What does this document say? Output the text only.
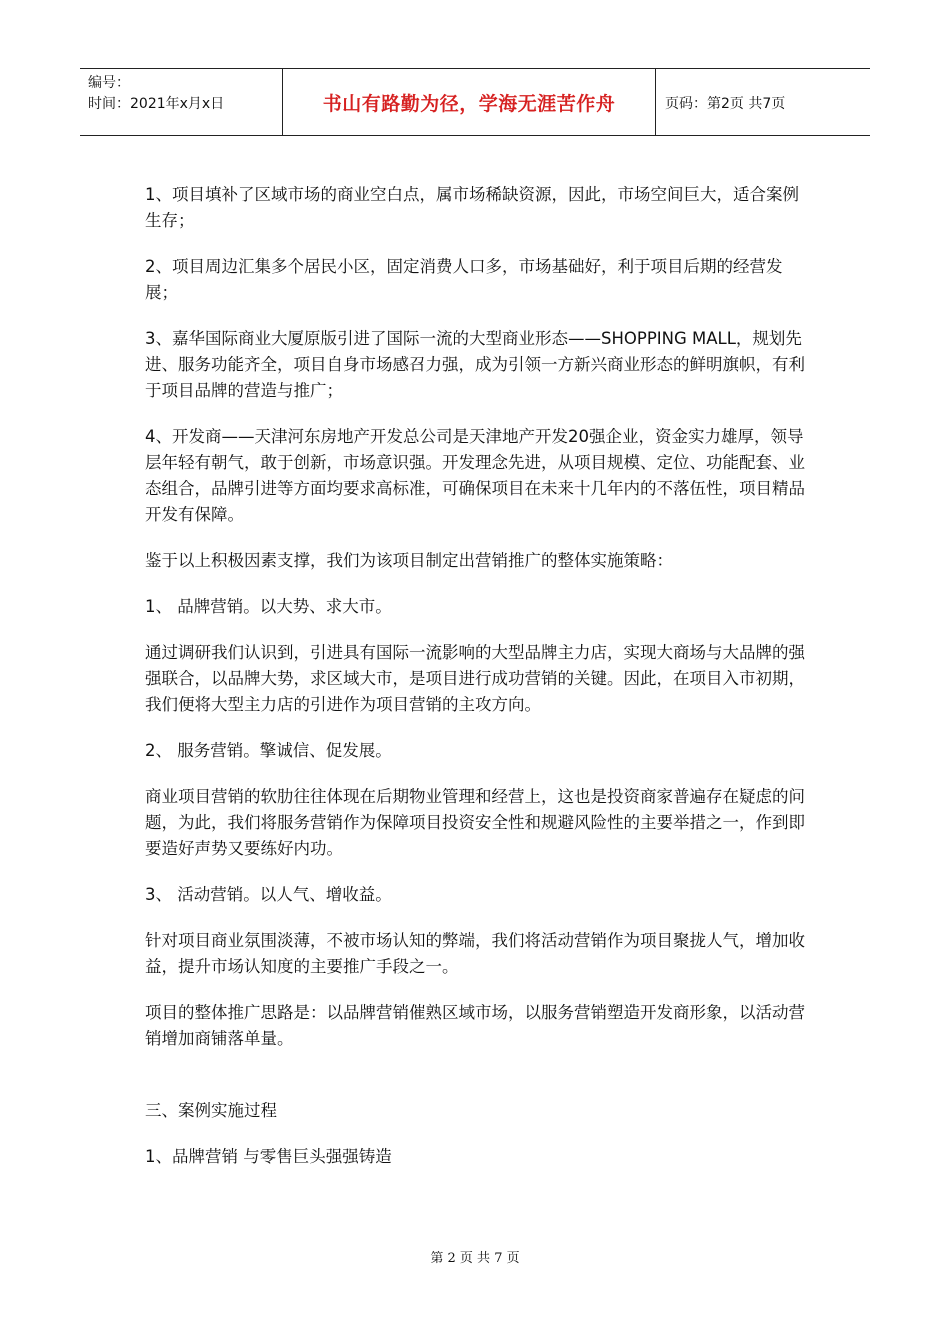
编号：
时间：2021年x月x日	书山有路勤为径，学海无涯苦作舟	页码：第2页 共7页

1、项目填补了区域市场的商业空白点，属市场稀缺资源，因此，市场空间巨大，适合案例生存；

2、项目周边汇集多个居民小区，固定消费人口多，市场基础好，利于项目后期的经营发展；

3、嘉华国际商业大厦原版引进了国际一流的大型商业形态——SHOPPING MALL，规划先进、服务功能齐全，项目自身市场感召力强，成为引领一方新兴商业形态的鲜明旗帜，有利于项目品牌的营造与推广；

4、开发商——天津河东房地产开发总公司是天津地产开发20强企业，资金实力雄厚，领导层年轻有朝气，敢于创新，市场意识强。开发理念先进，从项目规模、定位、功能配套、业态组合，品牌引进等方面均要求高标准，可确保项目在未来十几年内的不落伍性，项目精品开发有保障。

鉴于以上积极因素支撑，我们为该项目制定出营销推广的整体实施策略：

1、 品牌营销。以大势、求大市。

通过调研我们认识到，引进具有国际一流影响的大型品牌主力店，实现大商场与大品牌的强强联合，以品牌大势，求区域大市，是项目进行成功营销的关键。因此，在项目入市初期，我们便将大型主力店的引进作为项目营销的主攻方向。

2、 服务营销。擎诚信、促发展。

商业项目营销的软肋往往体现在后期物业管理和经营上，这也是投资商家普遍存在疑虑的问题，为此，我们将服务营销作为保障项目投资安全性和规避风险性的主要举措之一，作到即要造好声势又要练好内功。

3、 活动营销。以人气、增收益。

针对项目商业氛围淡薄，不被市场认知的弊端，我们将活动营销作为项目聚拢人气，增加收益，提升市场认知度的主要推广手段之一。

项目的整体推广思路是：以品牌营销催熟区域市场，以服务营销塑造开发商形象，以活动营销增加商铺落单量。

三、案例实施过程

1、品牌营销 与零售巨头强强铸造

第 2 页 共 7 页
